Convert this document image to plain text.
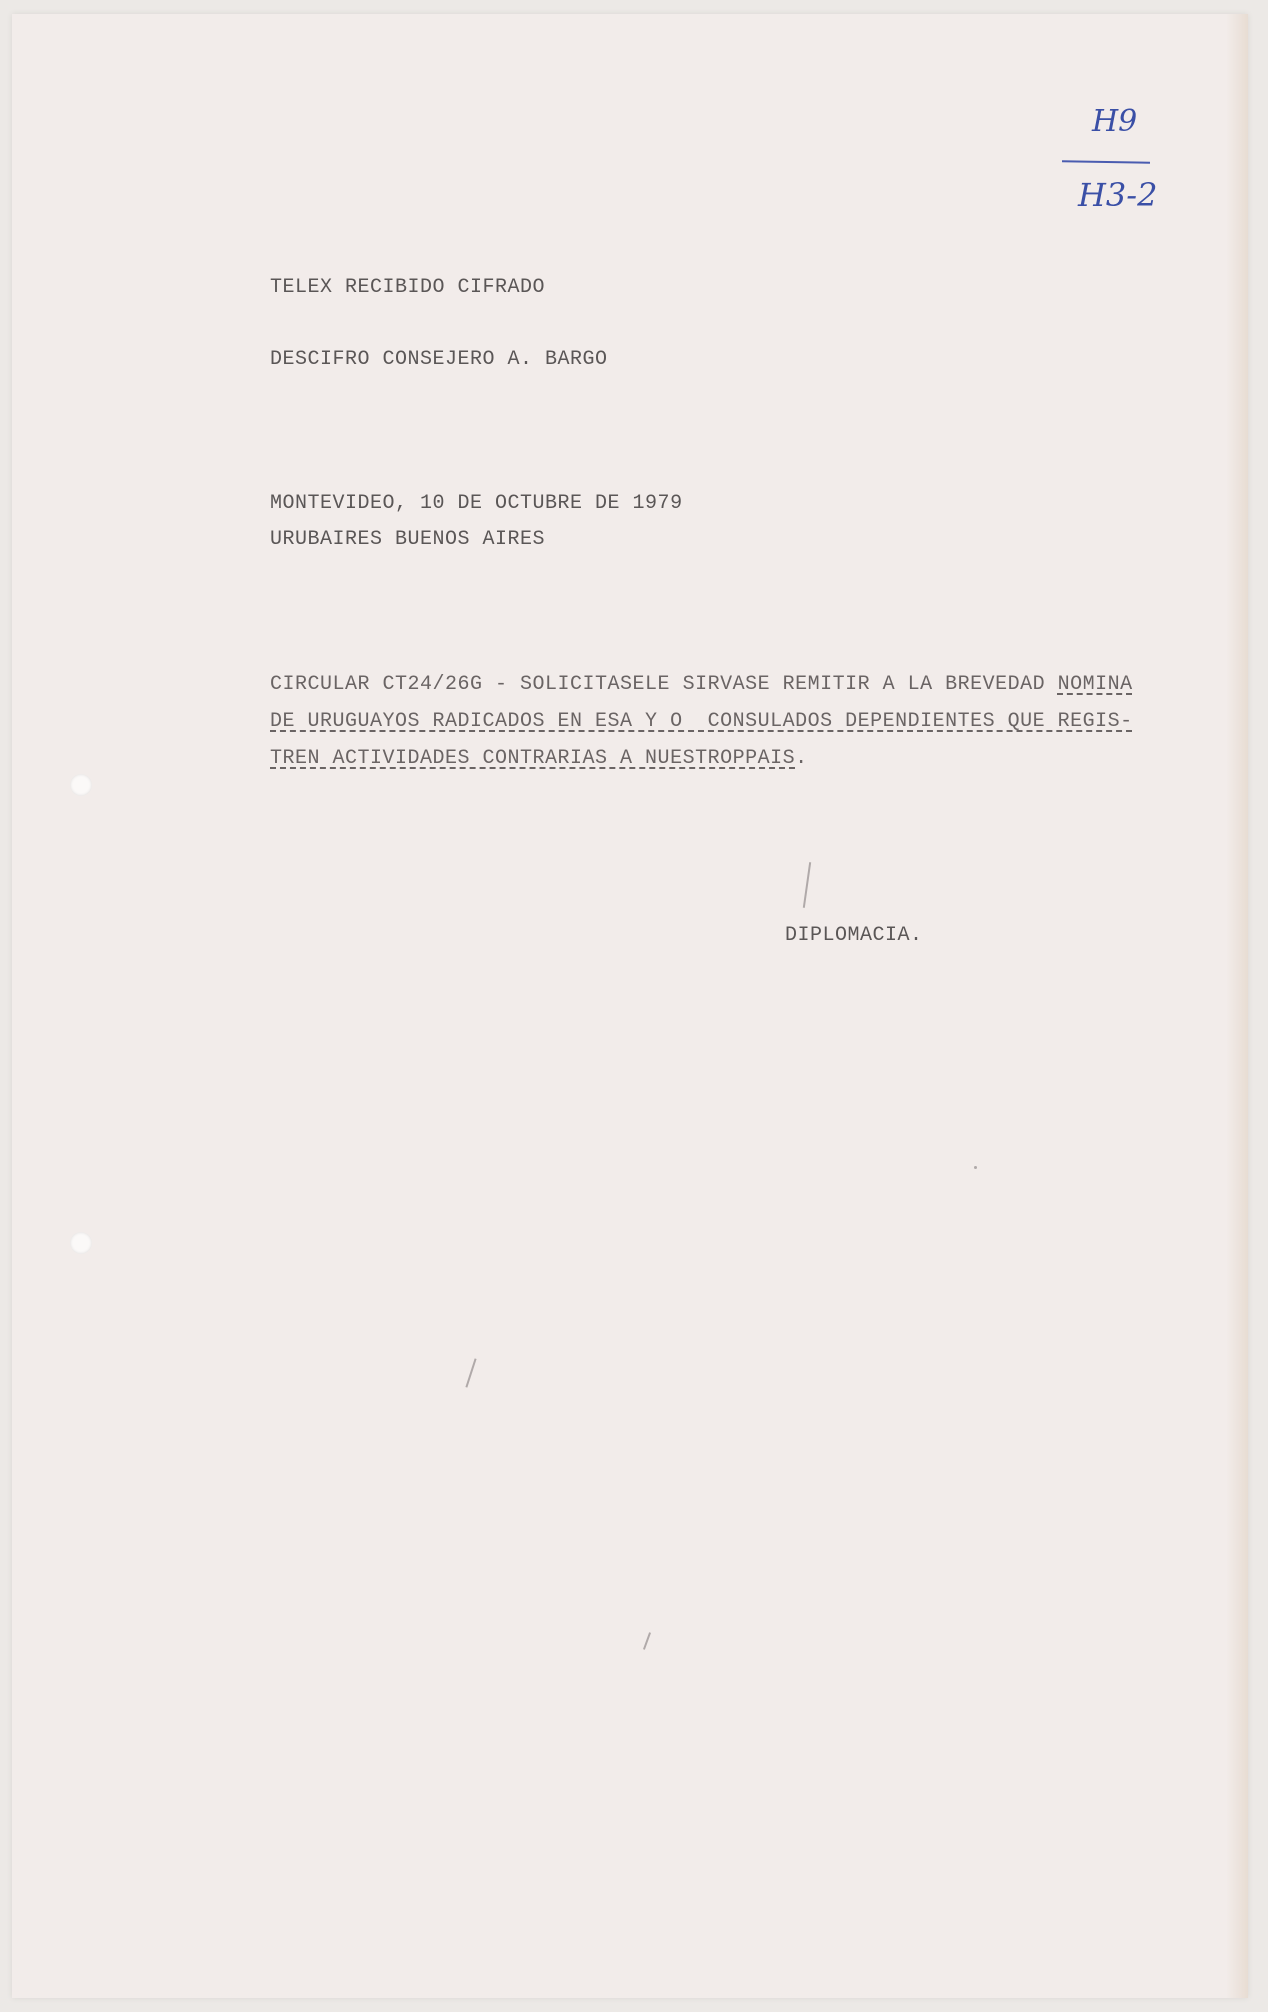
H9
H3-2
TELEX RECIBIDO CIFRADO
DESCIFRO CONSEJERO A. BARGO
MONTEVIDEO, 10 DE OCTUBRE DE 1979
URUBAIRES BUENOS AIRES
CIRCULAR CT24/26G - SOLICITASELE SIRVASE REMITIR A LA BREVEDAD NOMINA
DE URUGUAYOS RADICADOS EN ESA Y O  CONSULADOS DEPENDIENTES QUE REGIS-
TREN ACTIVIDADES CONTRARIAS A NUESTROPPAIS.
DIPLOMACIA.
